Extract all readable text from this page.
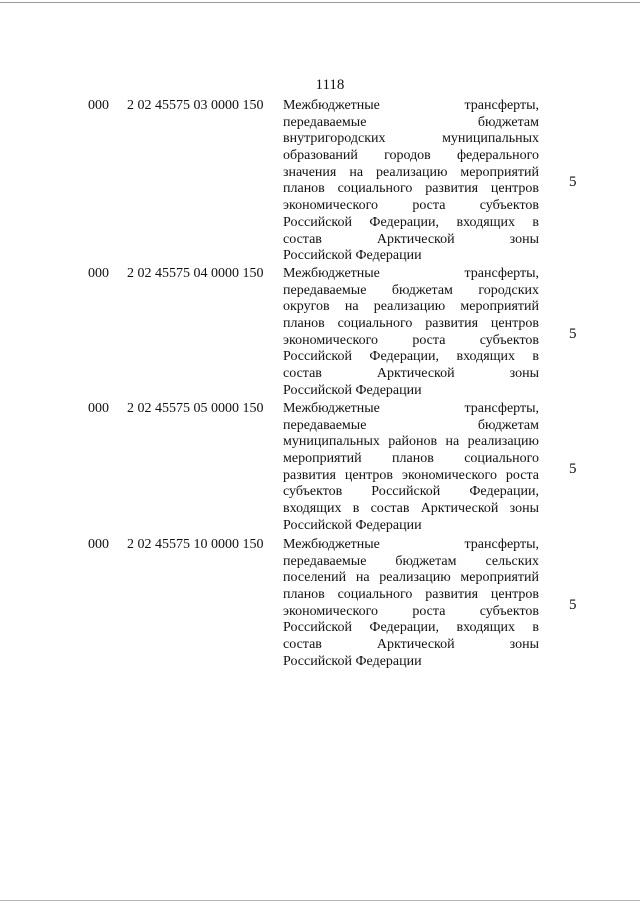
1118
000 2 02 45575 03 0000 150 Межбюджетные трансферты,
передаваемые бюджетам
внутригородских муниципальных
образований городов федерального
значения на реализацию мероприятий
планов социального развития центров
экономического роста субъектов
Российской Федерации, входящих в
состав Арктической зоны
Российской Федерации
5
000 2 02 45575 04 0000 150 Межбюджетные трансферты,
передаваемые бюджетам городских
округов на реализацию мероприятий
планов социального развития центров
экономического роста субъектов
Российской Федерации, входящих в
состав Арктической зоны
Российской Федерации
5
000 2 02 45575 05 0000 150 Межбюджетные трансферты,
передаваемые бюджетам
муниципальных районов на реализацию
мероприятий планов социального
развития центров экономического роста
субъектов Российской Федерации,
входящих в состав Арктической зоны
Российской Федерации
5
000 2 02 45575 10 0000 150 Межбюджетные трансферты,
передаваемые бюджетам сельских
поселений на реализацию мероприятий
планов социального развития центров
экономического роста субъектов
Российской Федерации, входящих в
состав Арктической зоны
Российской Федерации
5
